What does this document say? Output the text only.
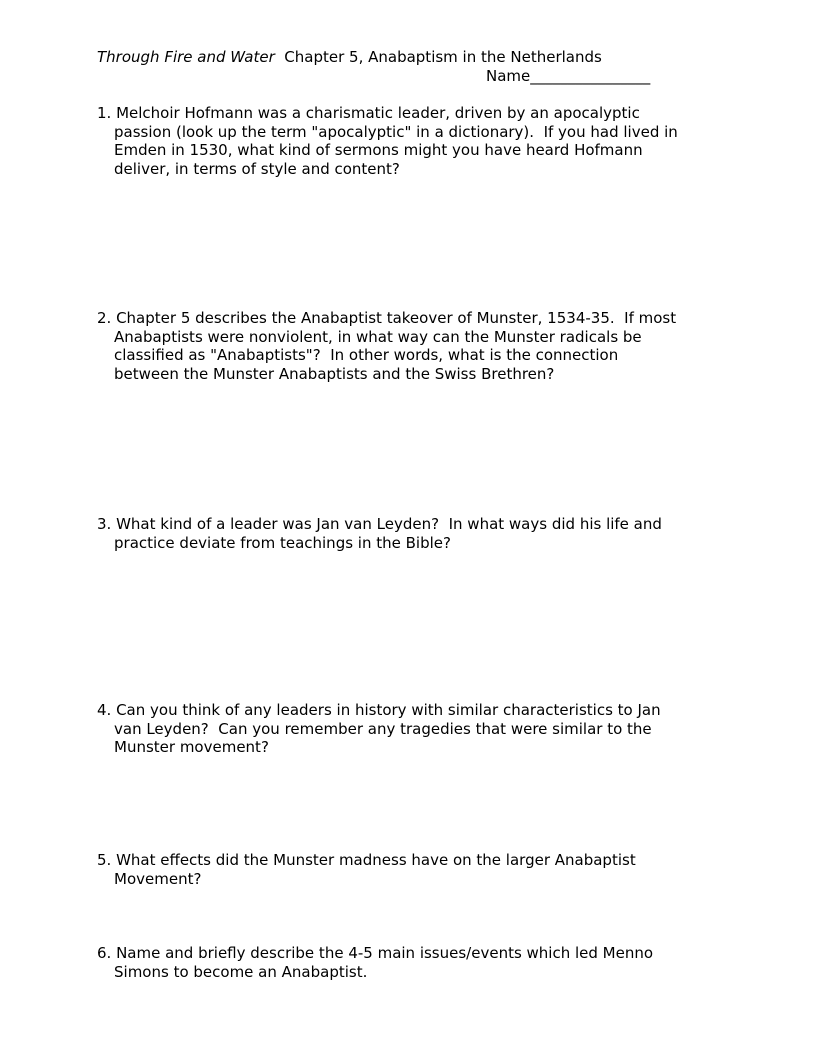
Through Fire and Water Chapter 5, Anabaptism in the Netherlands
Name________________
1. Melchoir Hofmann was a charismatic leader, driven by an apocalyptic
passion (look up the term "apocalyptic" in a dictionary).  If you had lived in
Emden in 1530, what kind of sermons might you have heard Hofmann
deliver, in terms of style and content?
2. Chapter 5 describes the Anabaptist takeover of Munster, 1534-35.  If most
Anabaptists were nonviolent, in what way can the Munster radicals be
classified as "Anabaptists"?  In other words, what is the connection
between the Munster Anabaptists and the Swiss Brethren?
3. What kind of a leader was Jan van Leyden?  In what ways did his life and
practice deviate from teachings in the Bible?
4. Can you think of any leaders in history with similar characteristics to Jan
van Leyden?  Can you remember any tragedies that were similar to the
Munster movement?
5. What effects did the Munster madness have on the larger Anabaptist
Movement?
6. Name and briefly describe the 4-5 main issues/events which led Menno
Simons to become an Anabaptist.
